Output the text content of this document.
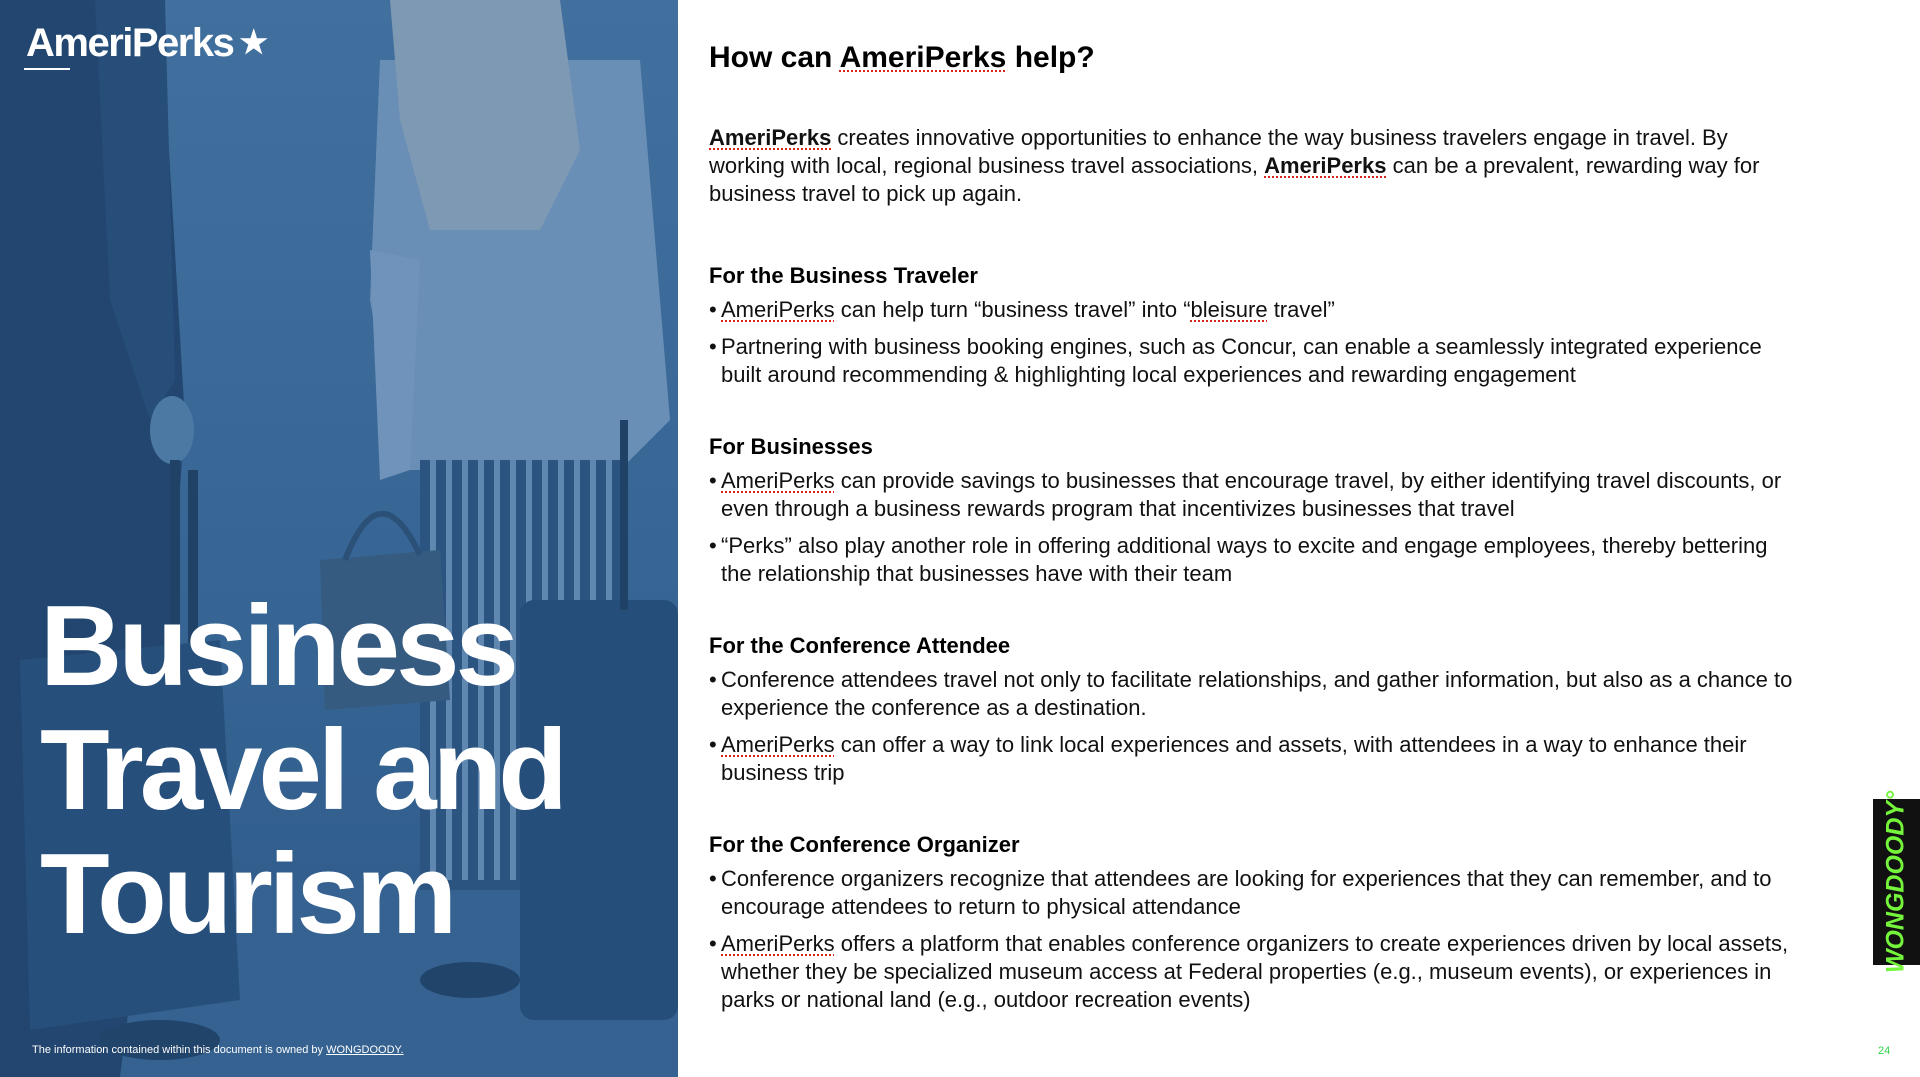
AmeriPerks ★
Business
Travel and
Tourism
The information contained within this document is owned by WONGDOODY.
How can AmeriPerks help?

AmeriPerks creates innovative opportunities to enhance the way business travelers engage in travel. By working with local, regional business travel associations, AmeriPerks can be a prevalent, rewarding way for business travel to pick up again.

For the Business Traveler
• AmeriPerks can help turn “business travel” into “bleisure travel”
• Partnering with business booking engines, such as Concur, can enable a seamlessly integrated experience built around recommending & highlighting local experiences and rewarding engagement
For Businesses
• AmeriPerks can provide savings to businesses that encourage travel, by either identifying travel discounts, or even through a business rewards program that incentivizes businesses that travel
• “Perks” also play another role in offering additional ways to excite and engage employees, thereby bettering the relationship that businesses have with their team
For the Conference Attendee
• Conference attendees travel not only to facilitate relationships, and gather information, but also as a chance to experience the conference as a destination.
• AmeriPerks can offer a way to link local experiences and assets, with attendees in a way to enhance their business trip
For the Conference Organizer
• Conference organizers recognize that attendees are looking for experiences that they can remember, and to encourage attendees to return to physical attendance
• AmeriPerks offers a platform that enables conference organizers to create experiences driven by local assets, whether they be specialized museum access at Federal properties (e.g., museum events), or experiences in parks or national land (e.g., outdoor recreation events)
WONGDOODY°
24
